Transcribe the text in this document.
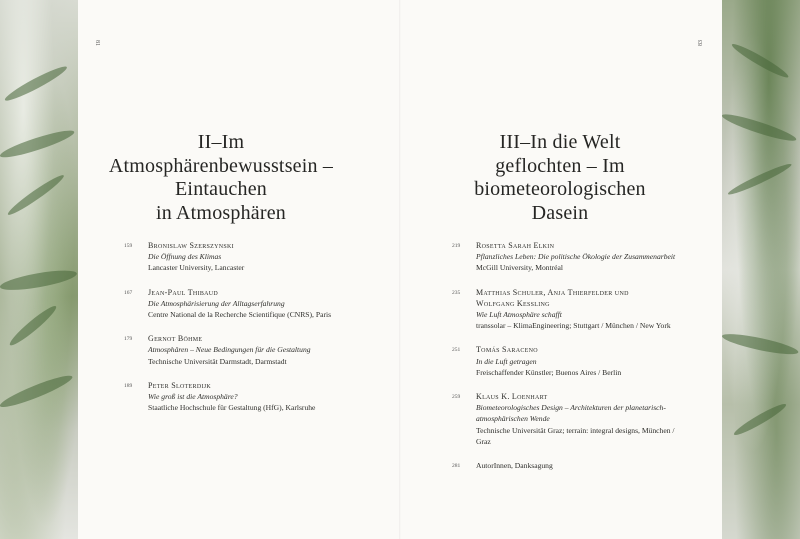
81	83
II–Im
Atmosphärenbewusstsein –
Eintauchen
in Atmosphären
III–In die Welt
geflochten – Im
biometeorologischen
Dasein
159 Bronislaw Szerszynski
Die Öffnung des Klimas
Lancaster University, Lancaster
167 Jean-Paul Thibaud
Die Atmosphärisierung der Alltagserfahrung
Centre National de la Recherche Scientifique (CNRS), Paris
179 Gernot Böhme
Atmosphären – Neue Bedingungen für die Gestaltung
Technische Universität Darmstadt, Darmstadt
189 Peter Sloterdijk
Wie groß ist die Atmosphäre?
Staatliche Hochschule für Gestaltung (HfG), Karlsruhe
219 Rosetta Sarah Elkin
Pflanzliches Leben: Die politische Ökologie der Zusammenarbeit
McGill University, Montréal
235 Matthias Schuler, Anja Thierfelder und Wolfgang Kessling
Wie Luft Atmosphäre schafft
transsolar – KlimaEngineering; Stuttgart / München / New York
251 Tomás Saraceno
In die Luft getragen
Freischaffender Künstler; Buenos Aires / Berlin
259 Klaus K. Loenhart
Biometeorologisches Design – Architekturen der planetarisch-atmosphärischen Wende
Technische Universität Graz; terrain: integral designs, München / Graz
281 AutorInnen, Danksagung
